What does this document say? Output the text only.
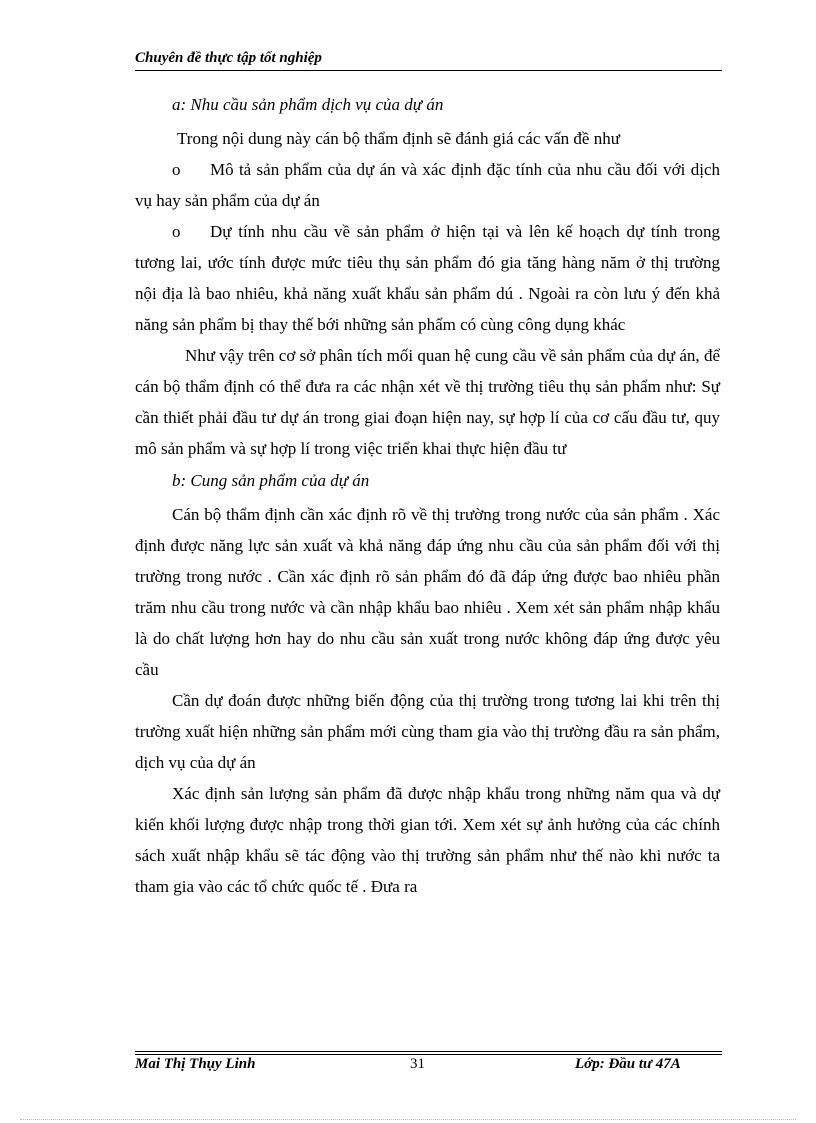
Chuyên đề thực tập tốt nghiệp

a: Nhu cầu sản phẩm dịch vụ của dự án

Trong nội dung này cán bộ thẩm định sẽ đánh giá các vấn đề như

o Mô tả sản phẩm của dự án và xác định đặc tính của nhu cầu đối với dịch vụ hay sản phẩm của dự án

o Dự tính nhu cầu về sản phẩm ở hiện tại và lên kế hoạch dự tính trong tương lai, ước tính được mức tiêu thụ sản phẩm đó gia tăng hàng năm ở thị trường nội địa là bao nhiêu, khả năng xuất khẩu sản phẩm dú . Ngoài ra còn lưu ý đến khả năng sản phẩm bị thay thế bới những sản phẩm có cùng công dụng khác

Như vậy trên cơ sở phân tích mối quan hệ cung cầu về sản phẩm của dự án, để cán bộ thẩm định có thể đưa ra các nhận xét về thị trường tiêu thụ sản phẩm như: Sự cần thiết phải đầu tư dự án trong giai đoạn hiện nay, sự hợp lí của cơ cấu đầu tư, quy mô sản phẩm và sự hợp lí trong việc triển khai thực hiện đầu tư

b: Cung sản phẩm của dự án

Cán bộ thẩm định cần xác định rõ về thị trường trong nước của sản phẩm . Xác định được năng lực sản xuất và khả năng đáp ứng nhu cầu của sản phẩm đối với thị trường trong nước . Cần xác định rõ sản phẩm đó đã đáp ứng được bao nhiêu phần trăm nhu cầu trong nước và cần nhập khẩu bao nhiêu . Xem xét sản phẩm nhập khẩu là do chất lượng hơn hay do nhu cầu sản xuất trong nước không đáp ứng được yêu cầu

Cần dự đoán được những biến động của thị trường trong tương lai khi trên thị trường xuất hiện những sản phẩm mới cùng tham gia vào thị trường đầu ra sản phẩm, dịch vụ của dự án

Xác định sản lượng sản phẩm đã được nhập khẩu trong những năm qua và dự kiến khối lượng được nhập trong thời gian tới. Xem xét sự ảnh hưởng của các chính sách xuất nhập khẩu sẽ tác động vào thị trường sản phẩm như thế nào khi nước ta tham gia vào các tổ chức quốc tế . Đưa ra

Mai Thị Thụy Linh	31	Lớp: Đầu tư 47A
